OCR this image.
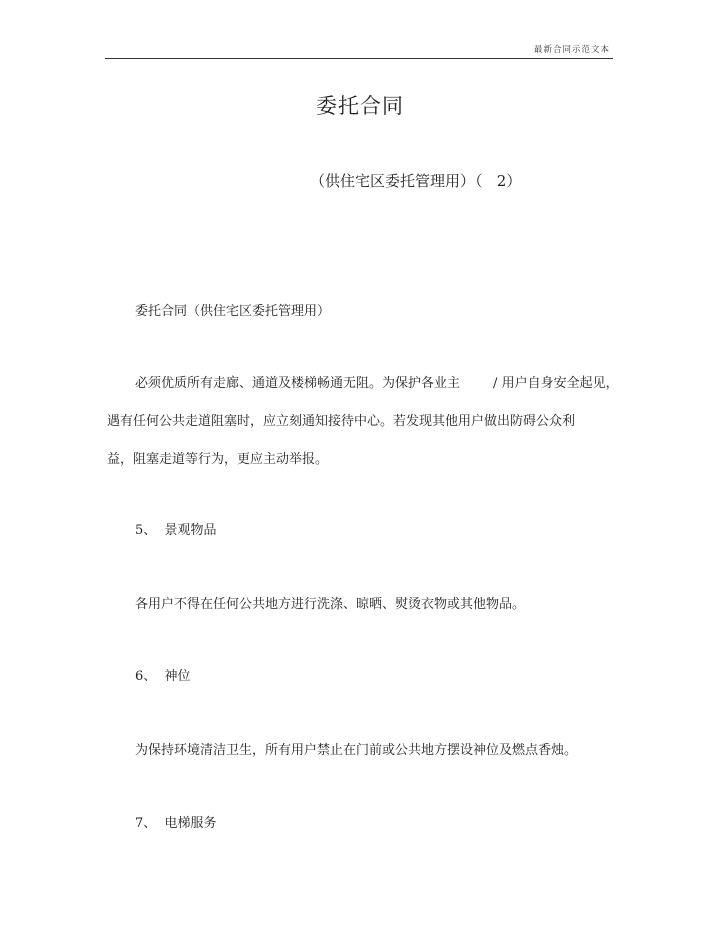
最新合同示范文本
委托合同
（供住宅区委托管理用）（   2）
委托合同（供住宅区委托管理用）
必须优质所有走廊、通道及楼梯畅通无阻。为保护各业主        / 用户自身安全起见，
遇有任何公共走道阻塞时，应立刻通知接待中心。若发现其他用户做出防碍公众利
益，阻塞走道等行为，更应主动举报。
5、  景观物品
各用户不得在任何公共地方进行洗涤、晾晒、熨烫衣物或其他物品。
6、  神位
为保持环境清洁卫生，所有用户禁止在门前或公共地方摆设神位及燃点香烛。
7、  电梯服务
